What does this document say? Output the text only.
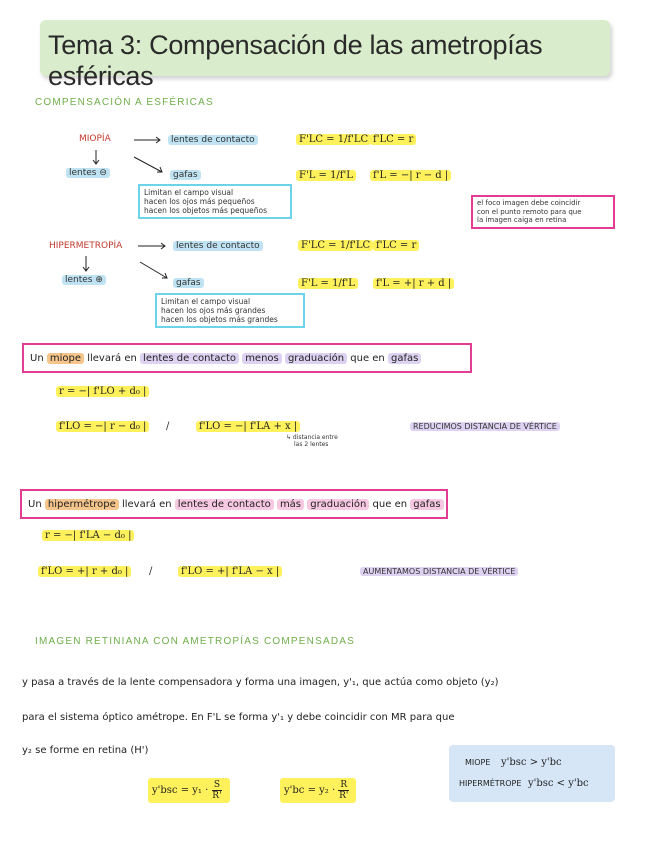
Tema 3: Compensación de las ametropías esféricas
COMPENSACIÓN A ESFÉRICAS
MIOPÍA
lentes ⊖
lentes de contacto
gafas
F'LC = 1/f'LC f'LC = r
F'L = 1/f'L	f'L = −| r − d |
Limitan el campo visual
hacen los ojos más pequeños
hacen los objetos más pequeños
el foco imagen debe coincidir
con el punto remoto para que
la imagen caiga en retina
HIPERMETROPÍA
lentes ⊕
lentes de contacto
gafas
F'LC = 1/f'LC f'LC = r
F'L = 1/f'L	f'L = +| r + d |
Limitan el campo visual
hacen los ojos más grandes
hacen los objetos más grandes
Un
miope
llevará en
lentes de contacto
menos
graduación
que en
gafas
r = −| f'LO + d₀ |
f'LO = −| r − d₀ |	/	f'LO = −| f'LA + x |
↳ distancia entre
las 2 lentes
REDUCIMOS DISTANCIA DE VÉRTICE
Un
hipermétrope
llevará en
lentes de contacto
más
graduación
que en
gafas
r = −| f'LA − d₀ |
f'LO = +| r + d₀ |	/	f'LO = +| f'LA − x |	AUMENTAMOS DISTANCIA DE VÉRTICE
IMAGEN RETINIANA CON AMETROPÍAS COMPENSADAS
y pasa a través de la lente compensadora y forma una imagen, y'₁, que actúa como objeto (y₂)
para el sistema óptico amétrope. En F'L se forma y'₁ y debe coincidir con MR para que
y₂ se forme en retina (H')
$y'bsc = y_1 \cdot \frac{S}{R'}$	$y'bc = y_2 \cdot \frac{R}{R'}$
MIOPE y'bsc > y'bc
HIPERMÉTROPE y'bsc < y'bc
